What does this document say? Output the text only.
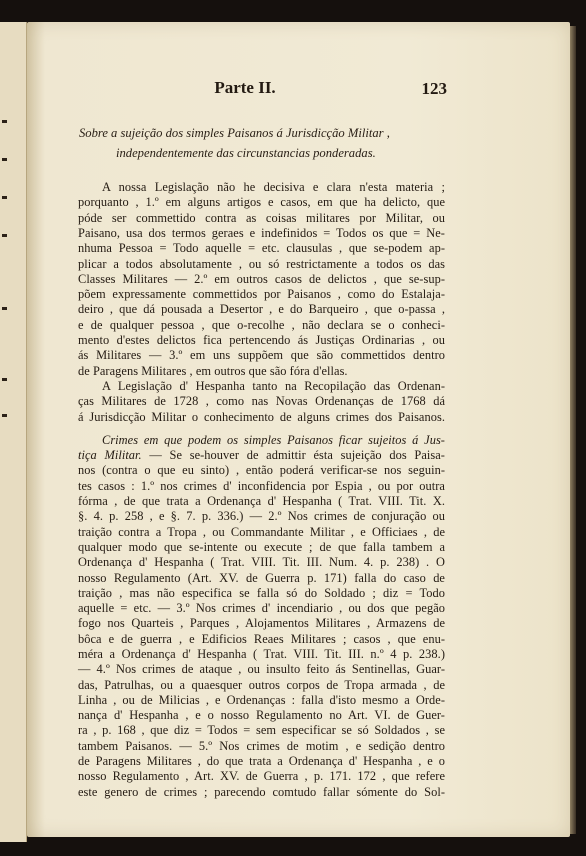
Parte II.	123
Sobre a sujeição dos simples Paisanos á Jurisdicção Militar ,
independentemente das circunstancias ponderadas.
A nossa Legislação não he decisiva e clara n'esta materia ;
porquanto , 1.º em alguns artigos e casos, em que ha delicto, que
póde ser commettido contra as coisas militares por Militar, ou
Paisano, usa dos termos geraes e indefinidos = Todos os que = Ne-
nhuma Pessoa = Todo aquelle = etc. clausulas , que se-podem ap-
plicar a todos absolutamente , ou só restrictamente a todos os das
Classes Militares — 2.º em outros casos de delictos , que se-sup-
põem expressamente commettidos por Paisanos , como do Estalaja-
deiro , que dá pousada a Desertor , e do Barqueiro , que o-passa ,
e de qualquer pessoa , que o-recolhe , não declara se o conheci-
mento d'estes delictos fica pertencendo ás Justiças Ordinarias , ou
ás Militares — 3.º em uns suppõem que são commettidos dentro
de Paragens Militares , em outros que são fóra d'ellas.
A Legislação d' Hespanha tanto na Recopilação das Ordenan-
ças Militares de 1728 , como nas Novas Ordenanças de 1768 dá
á Jurisdicção Militar o conhecimento de alguns crimes dos Paisanos.
Crimes em que podem os simples Paisanos ficar sujeitos á Jus-
tiça Militar. — Se se-houver de admittir ésta sujeição dos Paisa-
nos (contra o que eu sinto) , então poderá verificar-se nos seguin-
tes casos : 1.º nos crimes d' inconfidencia por Espia , ou por outra
fórma , de que trata a Ordenança d' Hespanha ( Trat. VIII. Tit. X.
§. 4. p. 258 , e §. 7. p. 336.) — 2.º Nos crimes de conjuração ou
traição contra a Tropa , ou Commandante Militar , e Officiaes , de
qualquer modo que se-intente ou execute ; de que falla tambem a
Ordenança d' Hespanha ( Trat. VIII. Tit. III. Num. 4. p. 238) . O
nosso Regulamento (Art. XV. de Guerra p. 171) falla do caso de
traição , mas não especifica se falla só do Soldado ; diz = Todo
aquelle = etc. — 3.º Nos crimes d' incendiario , ou dos que pegão
fogo nos Quarteis , Parques , Alojamentos Militares , Armazens de
bôca e de guerra , e Edificios Reaes Militares ; casos , que enu-
méra a Ordenança d' Hespanha ( Trat. VIII. Tit. III. n.º 4 p. 238.)
— 4.º Nos crimes de ataque , ou insulto feito ás Sentinellas, Guar-
das, Patrulhas, ou a quaesquer outros corpos de Tropa armada , de
Linha , ou de Milicias , e Ordenanças : falla d'isto mesmo a Orde-
nança d' Hespanha , e o nosso Regulamento no Art. VI. de Guer-
ra , p. 168 , que diz = Todos = sem especificar se só Soldados , se
tambem Paisanos. — 5.º Nos crimes de motim , e sedição dentro
de Paragens Militares , do que trata a Ordenança d' Hespanha , e o
nosso Regulamento , Art. XV. de Guerra , p. 171. 172 , que refere
este genero de crimes ; parecendo comtudo fallar sómente do Sol-
